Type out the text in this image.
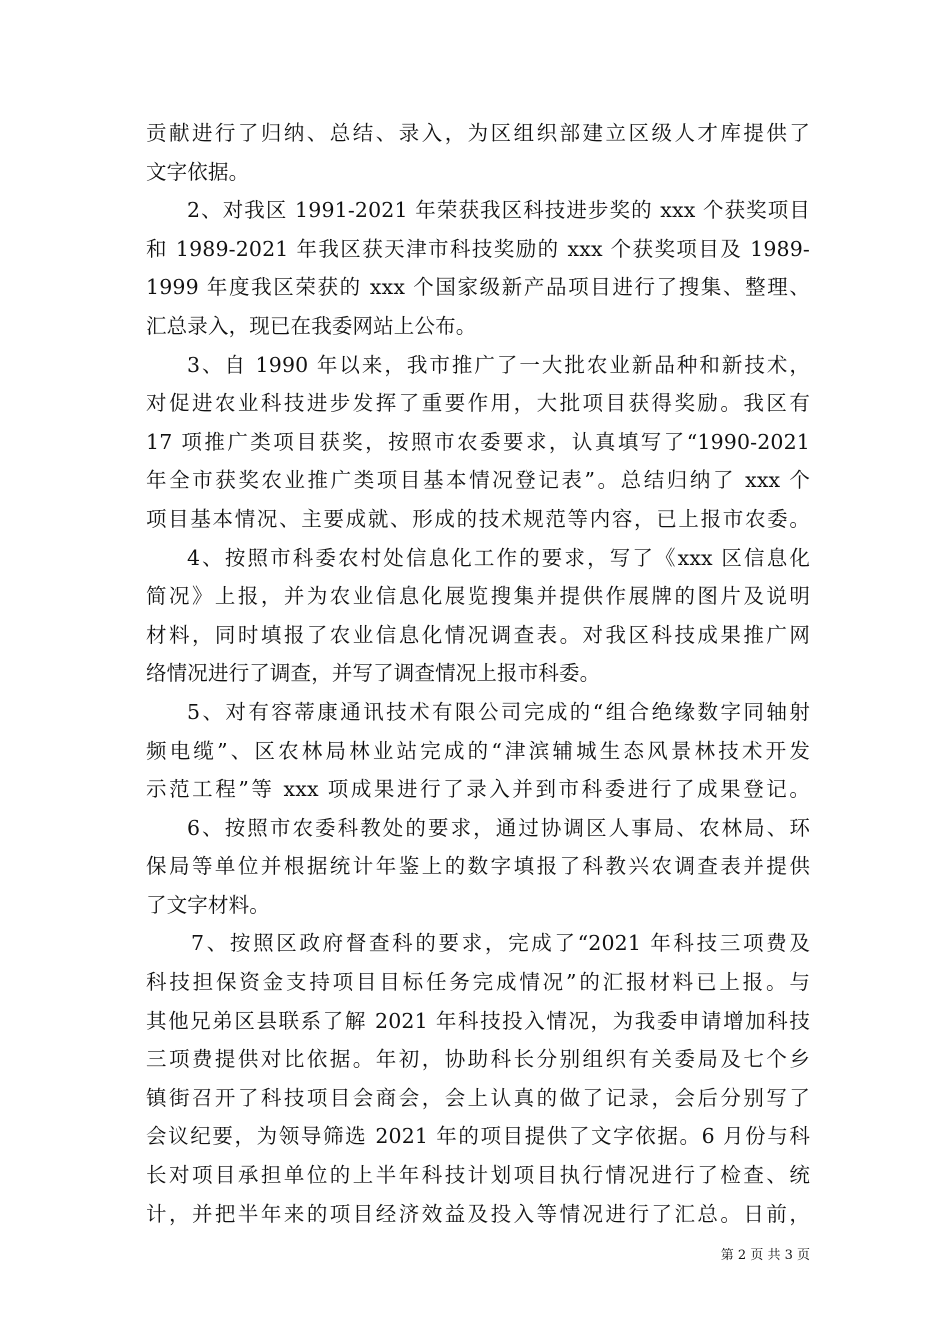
贡献进行了归纳、总结、录入，为区组织部建立区级人才库提供了
文字依据。
2、对我区 1991-2021 年荣获我区科技进步奖的 xxx 个获奖项目
和 1989-2021 年我区获天津市科技奖励的 xxx 个获奖项目及 1989-
1999 年度我区荣获的 xxx 个国家级新产品项目进行了搜集、整理、
汇总录入，现已在我委网站上公布。
3、自 1990 年以来，我市推广了一大批农业新品种和新技术，
对促进农业科技进步发挥了重要作用，大批项目获得奖励。我区有
17 项推广类项目获奖，按照市农委要求，认真填写了“1990-2021
年全市获奖农业推广类项目基本情况登记表”。总结归纳了 xxx 个
项目基本情况、主要成就、形成的技术规范等内容，已上报市农委。
4、按照市科委农村处信息化工作的要求，写了《xxx 区信息化
简况》上报，并为农业信息化展览搜集并提供作展牌的图片及说明
材料，同时填报了农业信息化情况调查表。对我区科技成果推广网
络情况进行了调查，并写了调查情况上报市科委。
5、对有容蒂康通讯技术有限公司完成的“组合绝缘数字同轴射
频电缆”、区农林局林业站完成的“津滨辅城生态风景林技术开发
示范工程”等 xxx 项成果进行了录入并到市科委进行了成果登记。
6、按照市农委科教处的要求，通过协调区人事局、农林局、环
保局等单位并根据统计年鉴上的数字填报了科教兴农调查表并提供
了文字材料。
7、按照区政府督查科的要求，完成了“2021 年科技三项费及
科技担保资金支持项目目标任务完成情况”的汇报材料已上报。与
其他兄弟区县联系了解 2021 年科技投入情况，为我委申请增加科技
三项费提供对比依据。年初，协助科长分别组织有关委局及七个乡
镇街召开了科技项目会商会，会上认真的做了记录，会后分别写了
会议纪要，为领导筛选 2021 年的项目提供了文字依据。6 月份与科
长对项目承担单位的上半年科技计划项目执行情况进行了检查、统
计，并把半年来的项目经济效益及投入等情况进行了汇总。日前，
第 2 页 共 3 页
